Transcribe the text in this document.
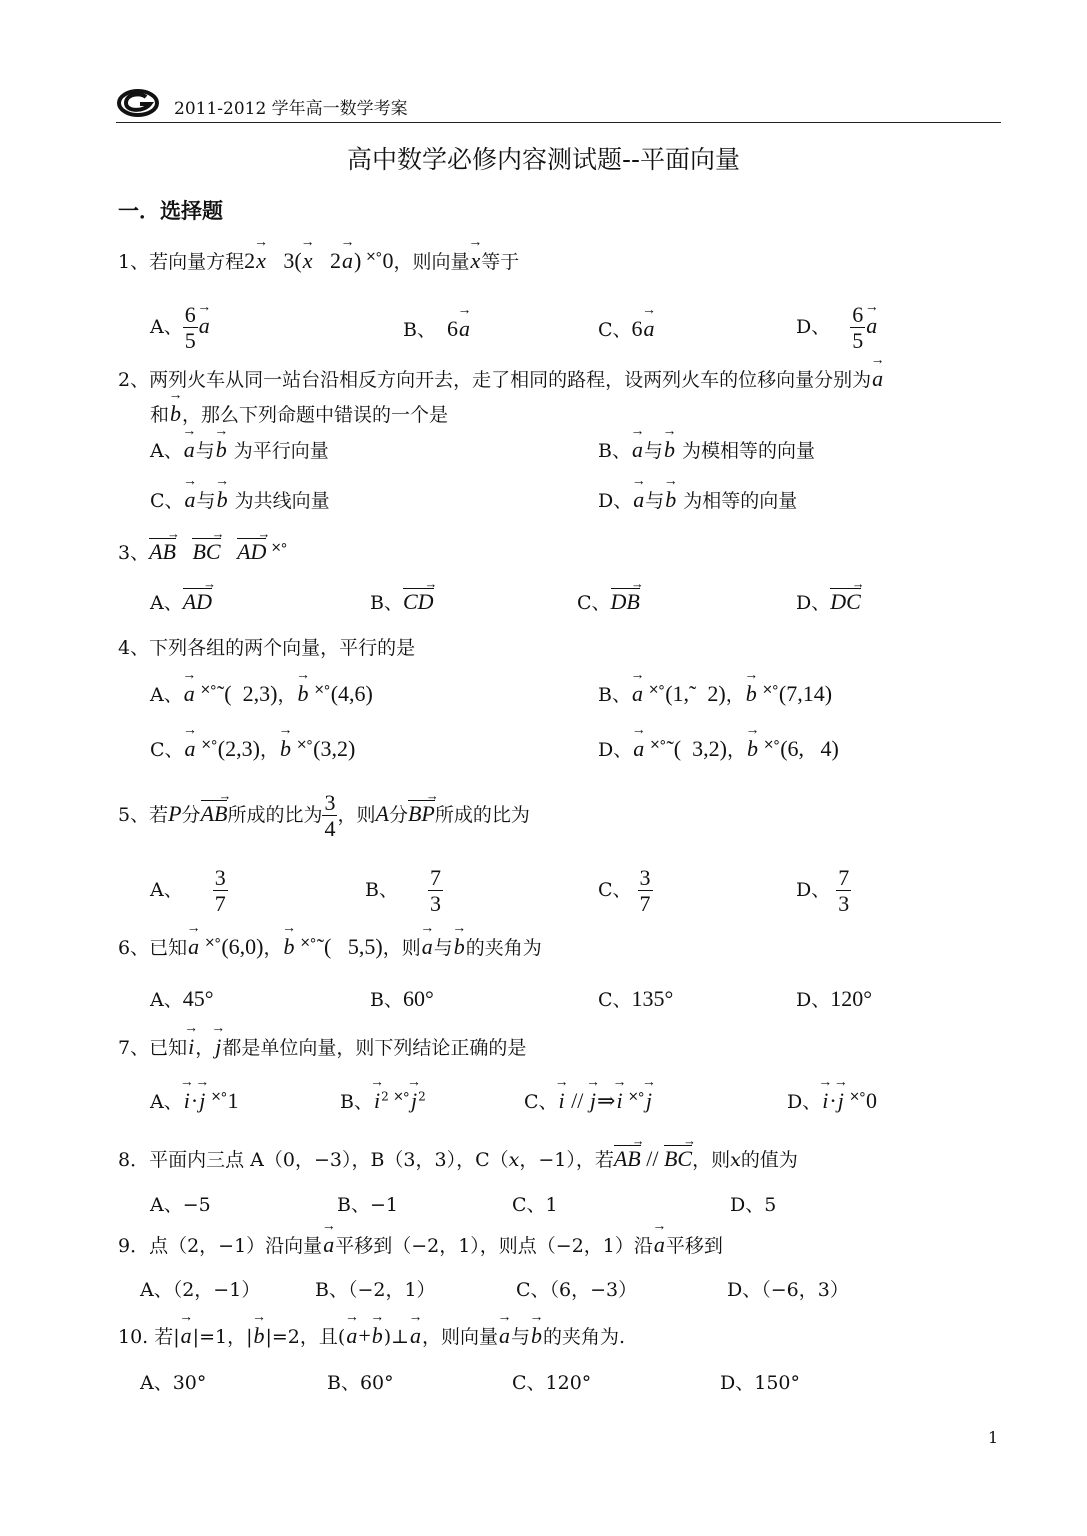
2011-2012 学年高一数学考案
高中数学必修内容测试题--平面向量
一．选择题
1、若向量方程2→ x   3(→ x   2→ a) ˟˚0，则向量→ x等于
A、 $\frac{6}{5}$
→ a	B、  6→ a	C、6→ a	D、 $\frac{6}{5}$
→ a
2、两列火车从同一站台沿相反方向开去，走了相同的路程，设两列火车的位移向量分别为→ a
和→ b，那么下列命题中错误的一个是
A、→ a与→ b 为平行向量	B、→ a与→ b 为模相等的向量
C、→ a与→ b 为共线向量	D、→ a与→ b 为相等的向量
3、AB → BC → AD → ˟˚
A、AD →	B、CD →	C、DB →	D、DC →
4、下列各组的两个向量，平行的是
A、→ a ˟˚˜(  2,3)，→ b ˟˚(4,6)	B、→ a ˟˚(1,˜  2)，→ b ˟˚(7,14)
C、→ a ˟˚(2,3)，→ b ˟˚(3,2)	D、→ a ˟˚˜(  3,2)，→ b ˟˚(6,   4)
5、若P分AB →所成的比为 $\frac{3}{4}$ ，则A分BP →所成的比为
A、 $\frac{3}{7}$	B、 $\frac{7}{3}$	C、 $\frac{3}{7}$	D、 $\frac{7}{3}$
6、已知→ a ˟˚(6,0)，→ b ˟˚˜(   5,5)，则→ a与→ b的夹角为
A、45°	B、60°	C、135°	D、120°
7、已知→ i，→ j都是单位向量，则下列结论正确的是
A、→ i·→ j ˟˚1	B、→ $i^2$ ˟˚→ $j^2$	C、→ i // → j⇒→ i ˟˚→ j	D、→ i·→ j ˟˚0
8．平面内三点 A（0，−3），B（3，3），C（x，−1），若AB → // BC →，则x的值为
A、−5	B、−1	C、1	D、5
9．点（2，−1）沿向量→ a平移到（−2，1），则点（−2，1）沿→ a平移到
A、（2，−1）	B、（−2，1）	C、（6，−3）	D、（−6，3）
10. 若|→ a|=1，|→ b|=2，且(→ a+→ b)⊥→ a，则向量→ a与→ b的夹角为.
A、30°	B、60°	C、120°	D、150°
1
